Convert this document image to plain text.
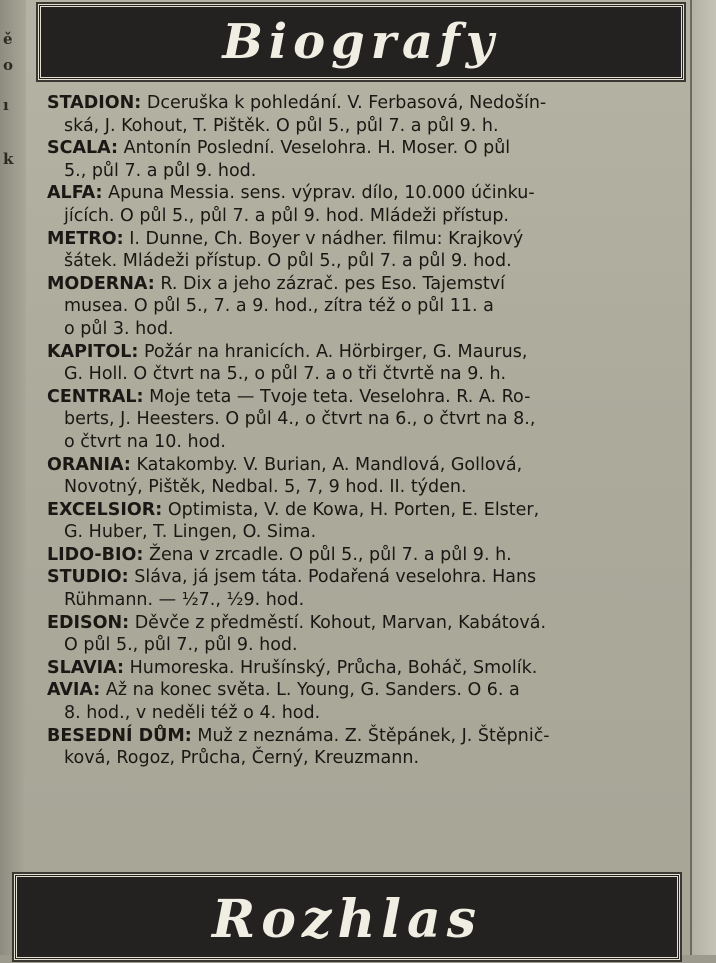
ě
o
ı
k
Biografy

STADION: Dceruška k pohledání. V. Ferbasová, Nedošín-
ská, J. Kohout, T. Pištěk. O půl 5., půl 7. a půl 9. h.

SCALA: Antonín Poslední. Veselohra. H. Moser. O půl
5., půl 7. a půl 9. hod.

ALFA: Apuna Messia. sens. výprav. dílo, 10.000 účinku-
jících. O půl 5., půl 7. a půl 9. hod. Mládeži přístup.

METRO: I. Dunne, Ch. Boyer v nádher. filmu: Krajkový
šátek. Mládeži přístup. O půl 5., půl 7. a půl 9. hod.

MODERNA: R. Dix a jeho zázrač. pes Eso. Tajemství
musea. O půl 5., 7. a 9. hod., zítra též o půl 11. a
o půl 3. hod.

KAPITOL: Požár na hranicích. A. Hörbirger, G. Maurus,
G. Holl. O čtvrt na 5., o půl 7. a o tři čtvrtě na 9. h.

CENTRAL: Moje teta — Tvoje teta. Veselohra. R. A. Ro-
berts, J. Heesters. O půl 4., o čtvrt na 6., o čtvrt na 8.,
o čtvrt na 10. hod.

ORANIA: Katakomby. V. Burian, A. Mandlová, Gollová,
Novotný, Pištěk, Nedbal. 5, 7, 9 hod. II. týden.

EXCELSIOR: Optimista, V. de Kowa, H. Porten, E. Elster,
G. Huber, T. Lingen, O. Sima.

LIDO-BIO: Žena v zrcadle. O půl 5., půl 7. a půl 9. h.

STUDIO: Sláva, já jsem táta. Podařená veselohra. Hans
Rühmann. — ½7., ½9. hod.

EDISON: Děvče z předměstí. Kohout, Marvan, Kabátová.
O půl 5., půl 7., půl 9. hod.

SLAVIA: Humoreska. Hrušínský, Průcha, Boháč, Smolík.

AVIA: Až na konec světa. L. Young, G. Sanders. O 6. a
8. hod., v neděli též o 4. hod.

BESEDNÍ DŮM: Muž z neznáma. Z. Štěpánek, J. Štěpnič-
ková, Rogoz, Průcha, Černý, Kreuzmann.

Rozhlas
